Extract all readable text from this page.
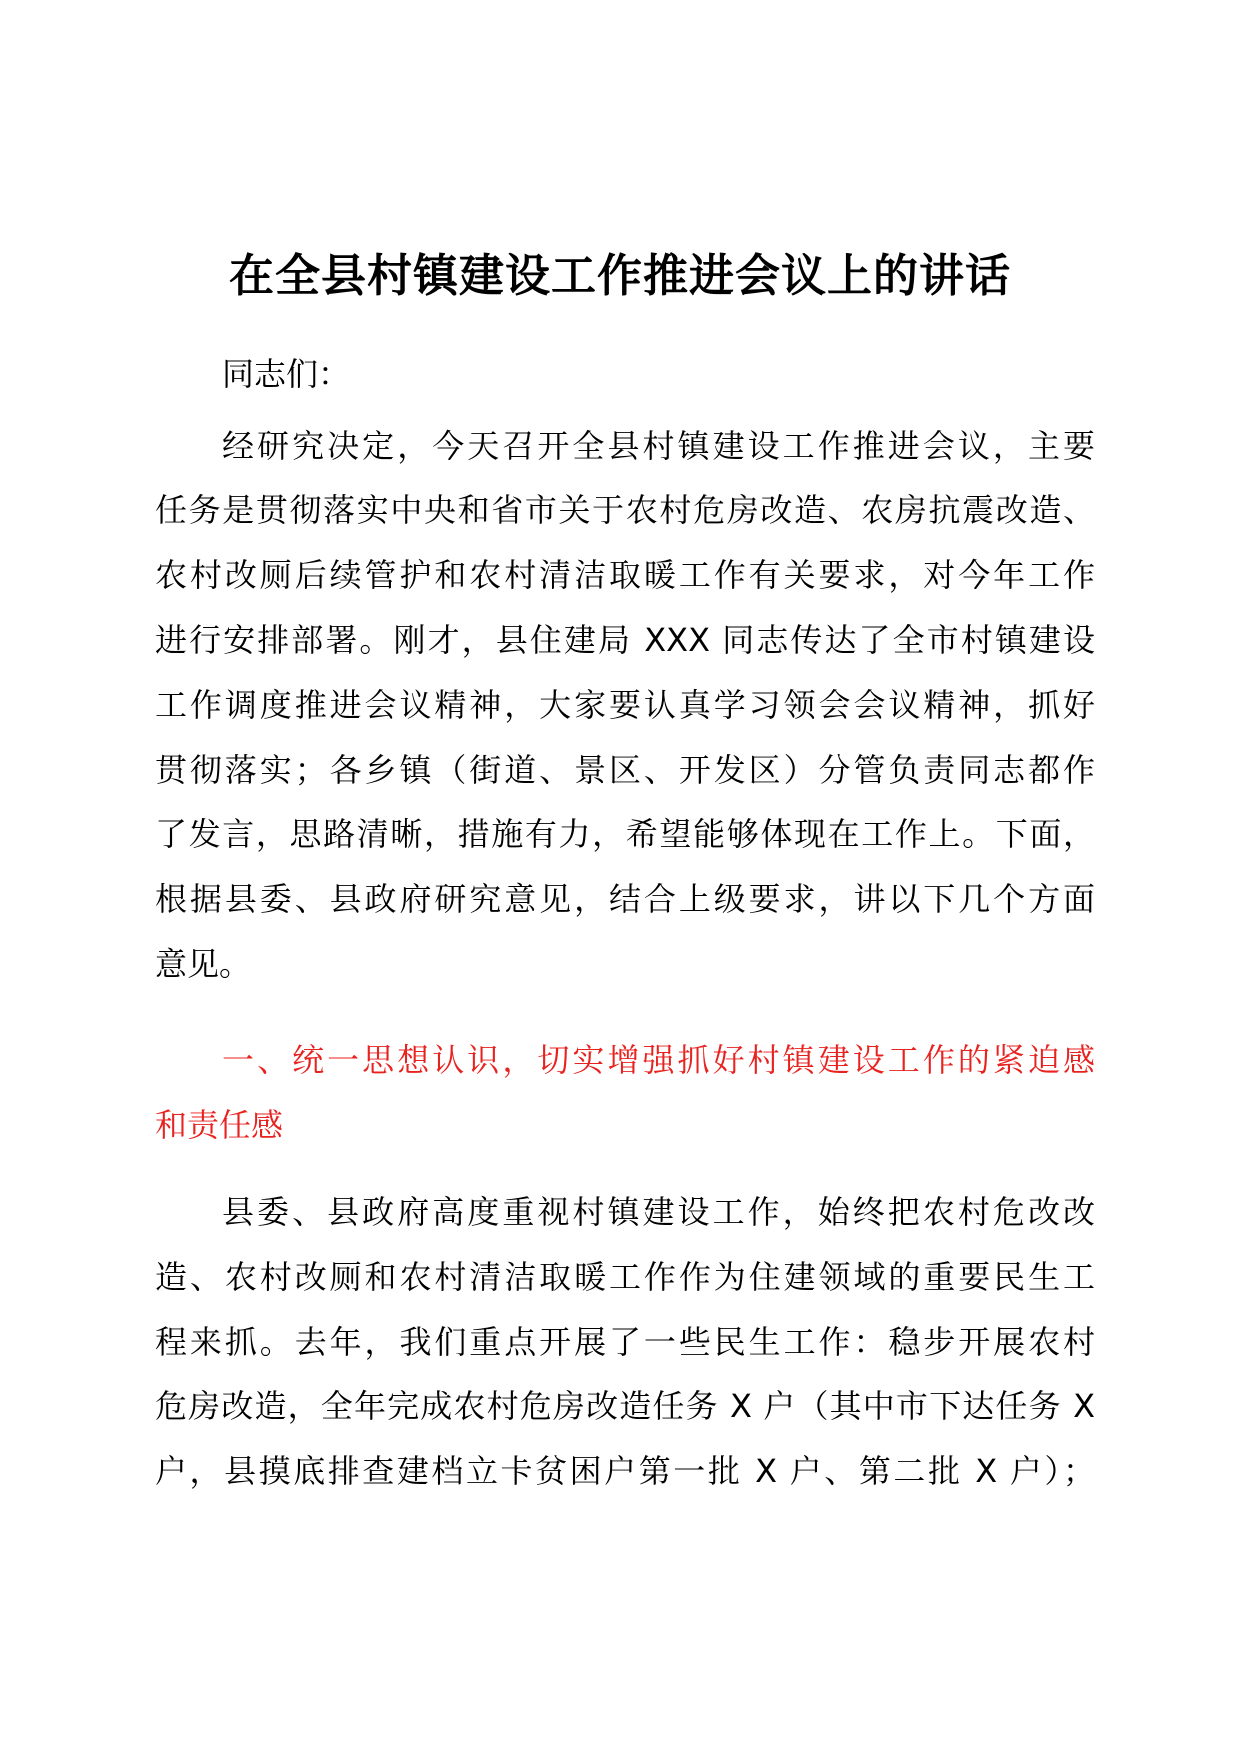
在全县村镇建设工作推进会议上的讲话
同志们：
经研究决定，今天召开全县村镇建设工作推进会议，主要
任务是贯彻落实中央和省市关于农村危房改造、农房抗震改造、
农村改厕后续管护和农村清洁取暖工作有关要求，对今年工作
进行安排部署。刚才，县住建局 XXX 同志传达了全市村镇建设
工作调度推进会议精神，大家要认真学习领会会议精神，抓好
贯彻落实；各乡镇（街道、景区、开发区）分管负责同志都作
了发言，思路清晰，措施有力，希望能够体现在工作上。下面，
根据县委、县政府研究意见，结合上级要求，讲以下几个方面
意见。
一、统一思想认识，切实增强抓好村镇建设工作的紧迫感
和责任感
县委、县政府高度重视村镇建设工作，始终把农村危改改
造、农村改厕和农村清洁取暖工作作为住建领域的重要民生工
程来抓。去年，我们重点开展了一些民生工作：稳步开展农村
危房改造，全年完成农村危房改造任务 X 户（其中市下达任务 X
户，县摸底排查建档立卡贫困户第一批 X 户、第二批 X 户）；
